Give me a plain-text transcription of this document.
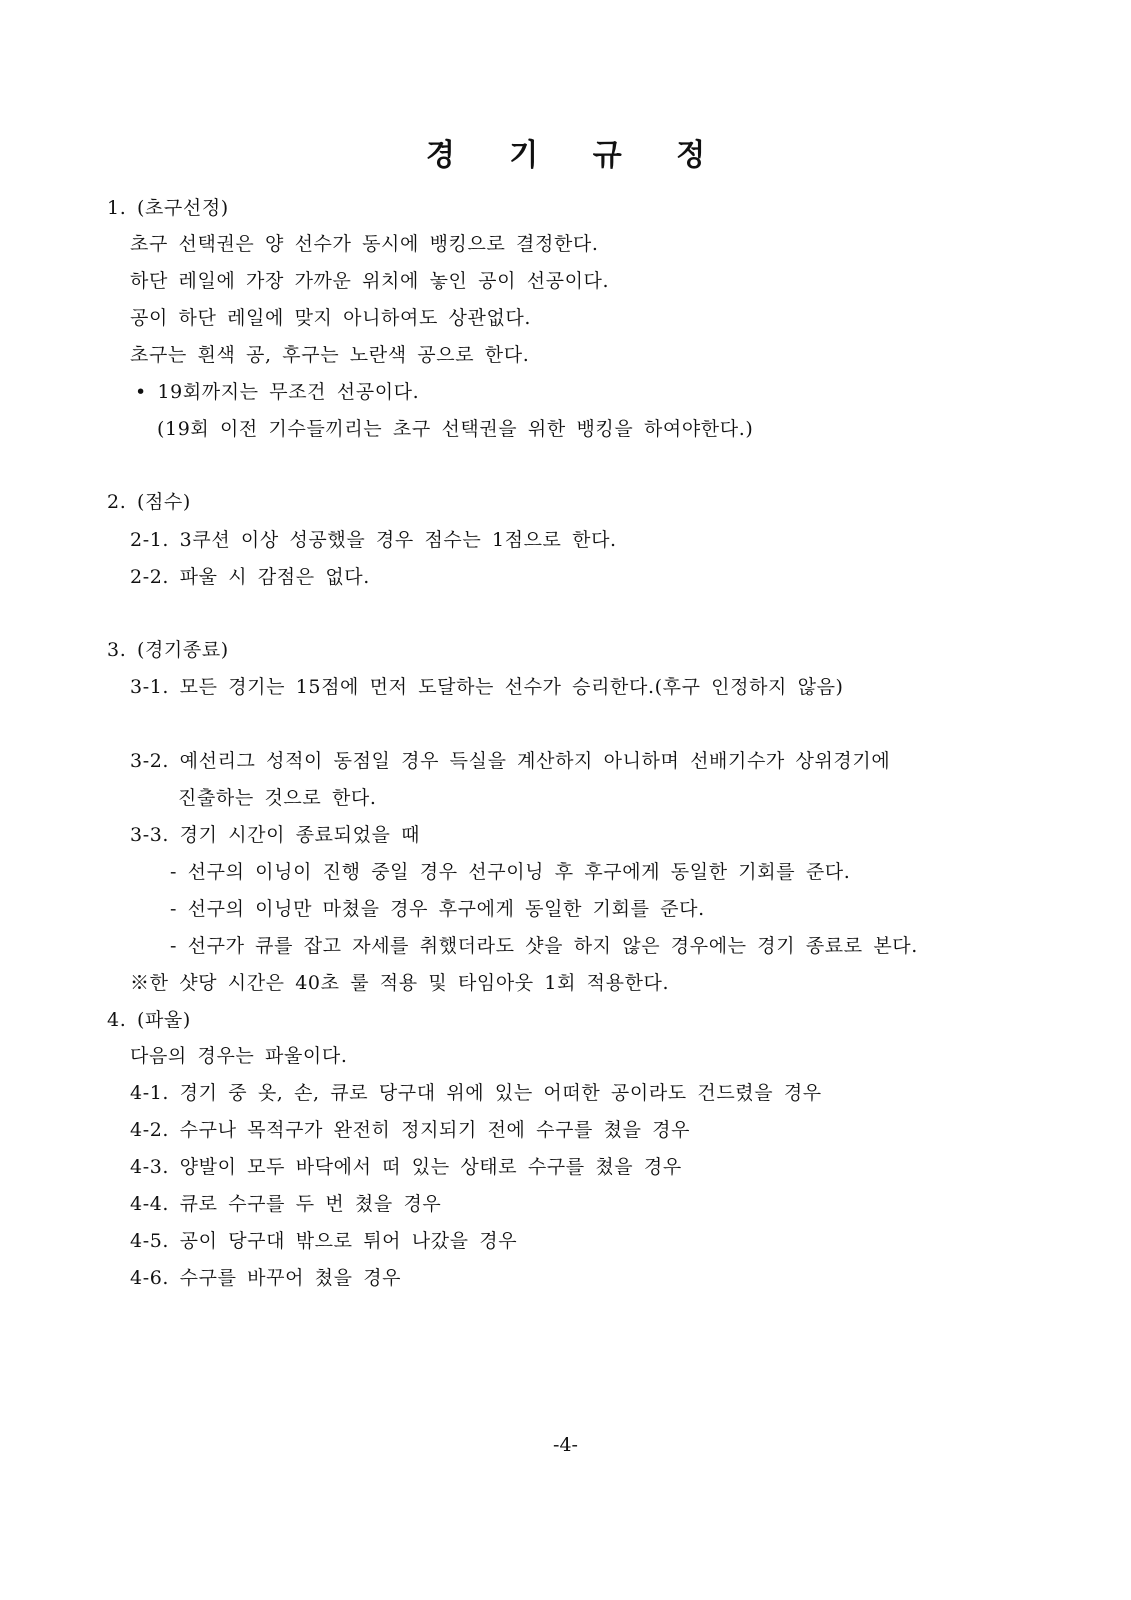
경 기 규 정
1. (초구선정)
초구 선택권은 양 선수가 동시에 뱅킹으로 결정한다.
하단 레일에 가장 가까운 위치에 놓인 공이 선공이다.
공이 하단 레일에 맞지 아니하여도 상관없다.
초구는 흰색 공, 후구는 노란색 공으로 한다.
• 19회까지는 무조건 선공이다.
(19회 이전 기수들끼리는 초구 선택권을 위한 뱅킹을 하여야한다.)
2. (점수)
2-1. 3쿠션 이상 성공했을 경우 점수는 1점으로 한다.
2-2. 파울 시 감점은 없다.
3. (경기종료)
3-1. 모든 경기는 15점에 먼저 도달하는 선수가 승리한다.(후구 인정하지 않음)
3-2. 예선리그 성적이 동점일 경우 득실을 계산하지 아니하며 선배기수가 상위경기에
진출하는 것으로 한다.
3-3. 경기 시간이 종료되었을 때
- 선구의 이닝이 진행 중일 경우 선구이닝 후 후구에게 동일한 기회를 준다.
- 선구의 이닝만 마쳤을 경우 후구에게 동일한 기회를 준다.
- 선구가 큐를 잡고 자세를 취했더라도 샷을 하지 않은 경우에는 경기 종료로 본다.
※한 샷당 시간은 40초 룰 적용 및 타임아웃 1회 적용한다.
4. (파울)
다음의 경우는 파울이다.
4-1. 경기 중 옷, 손, 큐로 당구대 위에 있는 어떠한 공이라도 건드렸을 경우
4-2. 수구나 목적구가 완전히 정지되기 전에 수구를 쳤을 경우
4-3. 양발이 모두 바닥에서 떠 있는 상태로 수구를 쳤을 경우
4-4. 큐로 수구를 두 번 쳤을 경우
4-5. 공이 당구대 밖으로 튀어 나갔을 경우
4-6. 수구를 바꾸어 쳤을 경우
-4-
